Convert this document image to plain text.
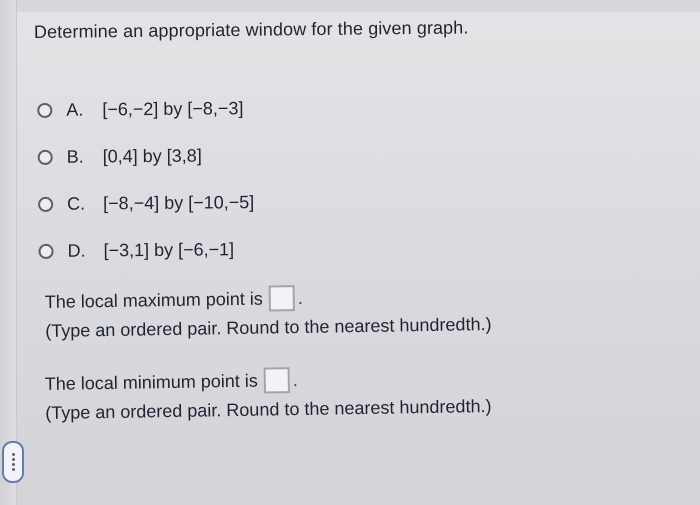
Determine an appropriate window for the given graph.
A.	[−6,−2] by [−8,−3]
B.	[0,4] by [3,8]
C. [−8,−4] by [−10,−5]
D. [−3,1] by [−6,−1]
The local maximum point is .
(Type an ordered pair. Round to the nearest hundredth.)
The local minimum point is .
(Type an ordered pair. Round to the nearest hundredth.)
